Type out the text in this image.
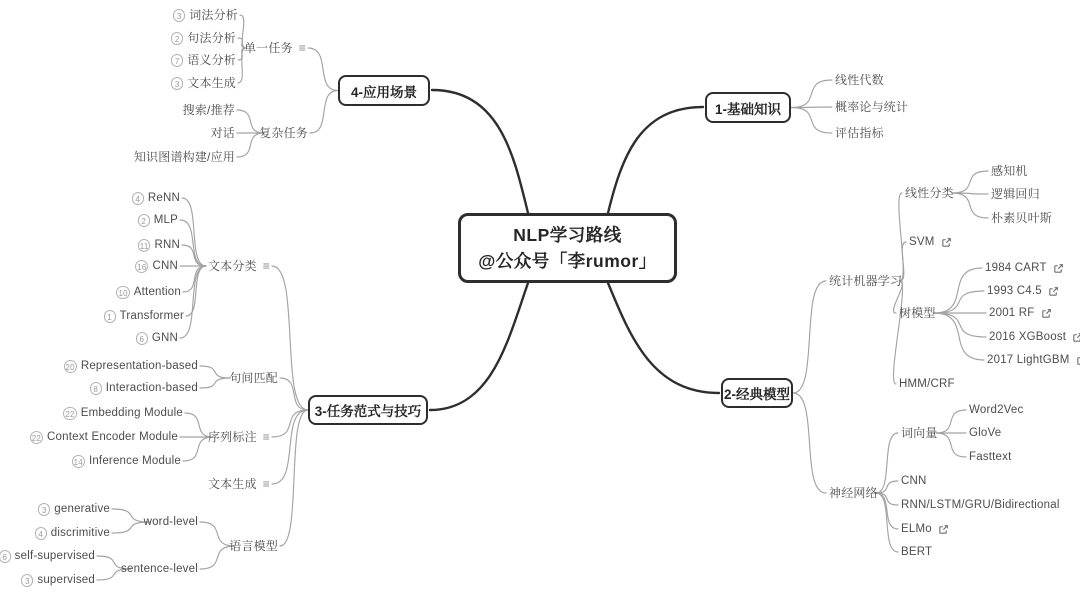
NLP学习路线
@公众号「李rumor」
1-基础知识
2-经典模型
3-任务范式与技巧
4-应用场景
线性代数
概率论与统计
评估指标
统计机器学习
线性分类
感知机
逻辑回归
朴素贝叶斯
SVM
树模型
1984 CART
1993 C4.5
2001 RF
2016 XGBoost
2017 LightGBM
HMM/CRF
神经网络
词向量
Word2Vec
GloVe
Fasttext
CNN
RNN/LSTM/GRU/Bidirectional
ELMo
BERT
文本分类 ≡
4 ReNN
2 MLP
11 RNN
16 CNN
10 Attention
1 Transformer
6 GNN
句间匹配
20 Representation-based
8 Interaction-based
序列标注 ≡
22 Embedding Module
22 Context Encoder Module
14 Inference Module
文本生成 ≡
语言模型
word-level
3 generative
4 discrimitive
sentence-level
6 self-supervised
3 supervised
单一任务 ≡
3 词法分析
2 句法分析
7 语义分析
3 文本生成
复杂任务
搜索/推荐
对话
知识图谱构建/应用
